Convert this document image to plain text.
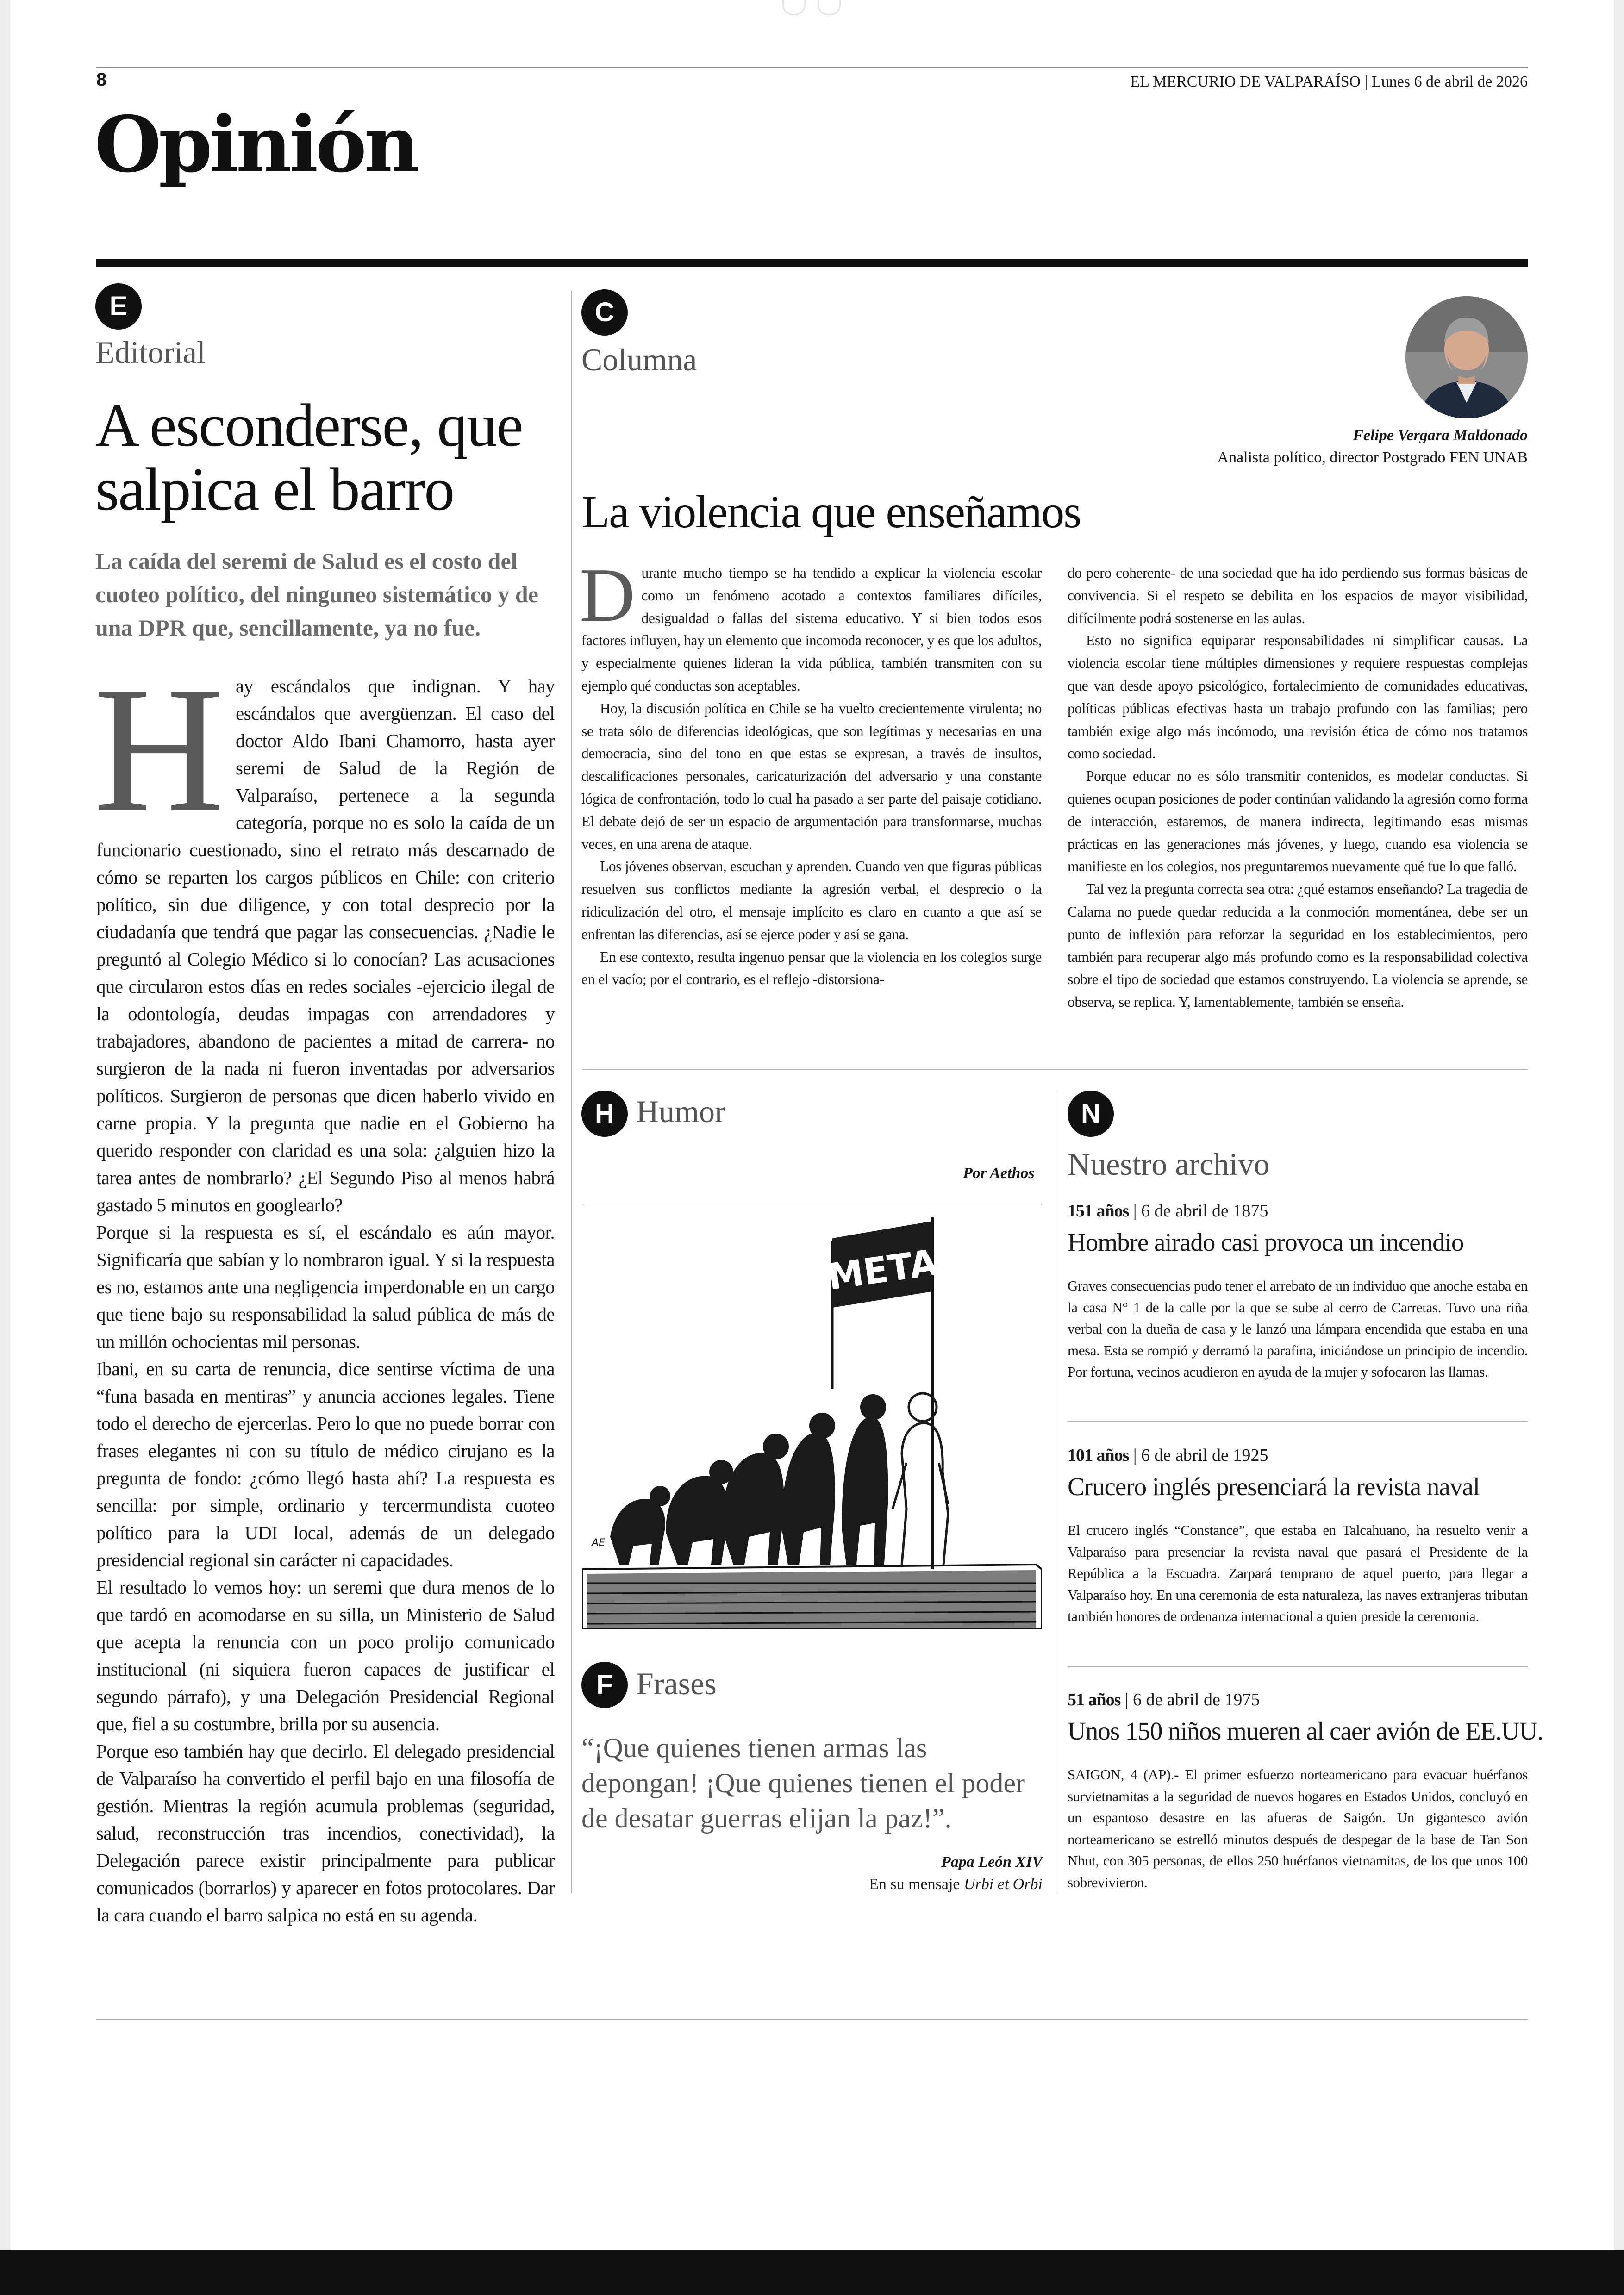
8	EL MERCURIO DE VALPARAÍSO | Lunes 6 de abril de 2026
Opinión
E
Editorial
A esconderse, que
salpica el barro
La caída del seremi de Salud es el costo del cuoteo político, del ninguneo sistemático y de una DPR que, sencillamente, ya no fue.
H ay escándalos que indignan. Y hay escándalos que avergüenzan. El caso del doctor Aldo Ibani Chamorro, hasta ayer seremi de Salud de la Región de Valparaíso, pertenece a la segunda categoría, porque no es solo la caída de un funcionario cuestionado, sino el retrato más descarnado de cómo se reparten los cargos públicos en Chile: con criterio político, sin due diligence, y con total desprecio por la ciudadanía que tendrá que pagar las consecuencias. ¿Nadie le preguntó al Colegio Médico si lo conocían? Las acusaciones que circularon estos días en redes sociales -ejercicio ilegal de la odontología, deudas impagas con arrendadores y trabajadores, abandono de pacientes a mitad de carrera- no surgieron de la nada ni fueron inventadas por adversarios políticos. Surgieron de personas que dicen haberlo vivido en carne propia. Y la pregunta que nadie en el Gobierno ha querido responder con claridad es una sola: ¿alguien hizo la tarea antes de nombrarlo? ¿El Segundo Piso al menos habrá gastado 5 minutos en googlearlo?

Porque si la respuesta es sí, el escándalo es aún mayor. Significaría que sabían y lo nombraron igual. Y si la respuesta es no, estamos ante una negligencia imperdonable en un cargo que tiene bajo su responsabilidad la salud pública de más de un millón ochocientas mil personas.

Ibani, en su carta de renuncia, dice sentirse víctima de una “funa basada en mentiras” y anuncia acciones legales. Tiene todo el derecho de ejercerlas. Pero lo que no puede borrar con frases elegantes ni con su título de médico cirujano es la pregunta de fondo: ¿cómo llegó hasta ahí? La respuesta es sencilla: por simple, ordinario y tercermundista cuoteo político para la UDI local, además de un delegado presidencial regional sin carácter ni capacidades.

El resultado lo vemos hoy: un seremi que dura menos de lo que tardó en acomodarse en su silla, un Ministerio de Salud que acepta la renuncia con un poco prolijo comunicado institucional (ni siquiera fueron capaces de justificar el segundo párrafo), y una Delegación Presidencial Regional que, fiel a su costumbre, brilla por su ausencia.

Porque eso también hay que decirlo. El delegado presidencial de Valparaíso ha convertido el perfil bajo en una filosofía de gestión. Mientras la región acumula problemas (seguridad, salud, reconstrucción tras incendios, conectividad), la Delegación parece existir principalmente para publicar comunicados (borrarlos) y aparecer en fotos protocolares. Dar la cara cuando el barro salpica no está en su agenda.

C
Columna
Felipe Vergara Maldonado
Analista político, director Postgrado FEN UNAB
La violencia que enseñamos
D urante mucho tiempo se ha tendido a explicar la violencia escolar como un fenómeno acotado a contextos familiares difíciles, desigualdad o fallas del sistema educativo. Y si bien todos esos factores influyen, hay un elemento que incomoda reconocer, y es que los adultos, y especialmente quienes lideran la vida pública, también transmiten con su ejemplo qué conductas son aceptables.

Hoy, la discusión política en Chile se ha vuelto crecientemente virulenta; no se trata sólo de diferencias ideológicas, que son legítimas y necesarias en una democracia, sino del tono en que estas se expresan, a través de insultos, descalificaciones personales, caricaturización del adversario y una constante lógica de confrontación, todo lo cual ha pasado a ser parte del paisaje cotidiano. El debate dejó de ser un espacio de argumentación para transformarse, muchas veces, en una arena de ataque.

Los jóvenes observan, escuchan y aprenden. Cuando ven que figuras públicas resuelven sus conflictos mediante la agresión verbal, el desprecio o la ridiculización del otro, el mensaje implícito es claro en cuanto a que así se enfrentan las diferencias, así se ejerce poder y así se gana.

En ese contexto, resulta ingenuo pensar que la violencia en los colegios surge en el vacío; por el contrario, es el reflejo -distorsiona-

do pero coherente- de una sociedad que ha ido perdiendo sus formas básicas de convivencia. Si el respeto se debilita en los espacios de mayor visibilidad, difícilmente podrá sostenerse en las aulas.

Esto no significa equiparar responsabilidades ni simplificar causas. La violencia escolar tiene múltiples dimensiones y requiere respuestas complejas que van desde apoyo psicológico, fortalecimiento de comunidades educativas, políticas públicas efectivas hasta un trabajo profundo con las familias; pero también exige algo más incómodo, una revisión ética de cómo nos tratamos como sociedad.

Porque educar no es sólo transmitir contenidos, es modelar conductas. Si quienes ocupan posiciones de poder continúan validando la agresión como forma de interacción, estaremos, de manera indirecta, legitimando esas mismas prácticas en las generaciones más jóvenes, y luego, cuando esa violencia se manifieste en los colegios, nos preguntaremos nuevamente qué fue lo que falló.

Tal vez la pregunta correcta sea otra: ¿qué estamos enseñando? La tragedia de Calama no puede quedar reducida a la conmoción momentánea, debe ser un punto de inflexión para reforzar la seguridad en los establecimientos, pero también para recuperar algo más profundo como es la responsabilidad colectiva sobre el tipo de sociedad que estamos construyendo. La violencia se aprende, se observa, se replica. Y, lamentablemente, también se enseña.

H Humor
Por Aethos
META
AE
F Frases
“¡Que quienes tienen armas las depongan! ¡Que quienes tienen el poder de desatar guerras elijan la paz!”.
Papa León XIV
En su mensaje Urbi et Orbi
N
Nuestro archivo
151 años | 6 de abril de 1875
Hombre airado casi provoca un incendio
Graves consecuencias pudo tener el arrebato de un individuo que anoche estaba en la casa N° 1 de la calle por la que se sube al cerro de Carretas. Tuvo una riña verbal con la dueña de casa y le lanzó una lámpara encendida que estaba en una mesa. Esta se rompió y derramó la parafina, iniciándose un principio de incendio. Por fortuna, vecinos acudieron en ayuda de la mujer y sofocaron las llamas.
101 años | 6 de abril de 1925
Crucero inglés presenciará la revista naval
El crucero inglés “Constance”, que estaba en Talcahuano, ha resuelto venir a Valparaíso para presenciar la revista naval que pasará el Presidente de la República a la Escuadra. Zarpará temprano de aquel puerto, para llegar a Valparaíso hoy. En una ceremonia de esta naturaleza, las naves extranjeras tributan también honores de ordenanza internacional a quien preside la ceremonia.
51 años | 6 de abril de 1975
Unos 150 niños mueren al caer avión de EE.UU.
SAIGON, 4 (AP).- El primer esfuerzo norteamericano para evacuar huérfanos survietnamitas a la seguridad de nuevos hogares en Estados Unidos, concluyó en un espantoso desastre en las afueras de Saigón. Un gigantesco avión norteamericano se estrelló minutos después de despegar de la base de Tan Son Nhut, con 305 personas, de ellos 250 huérfanos vietnamitas, de los que unos 100 sobrevivieron.
